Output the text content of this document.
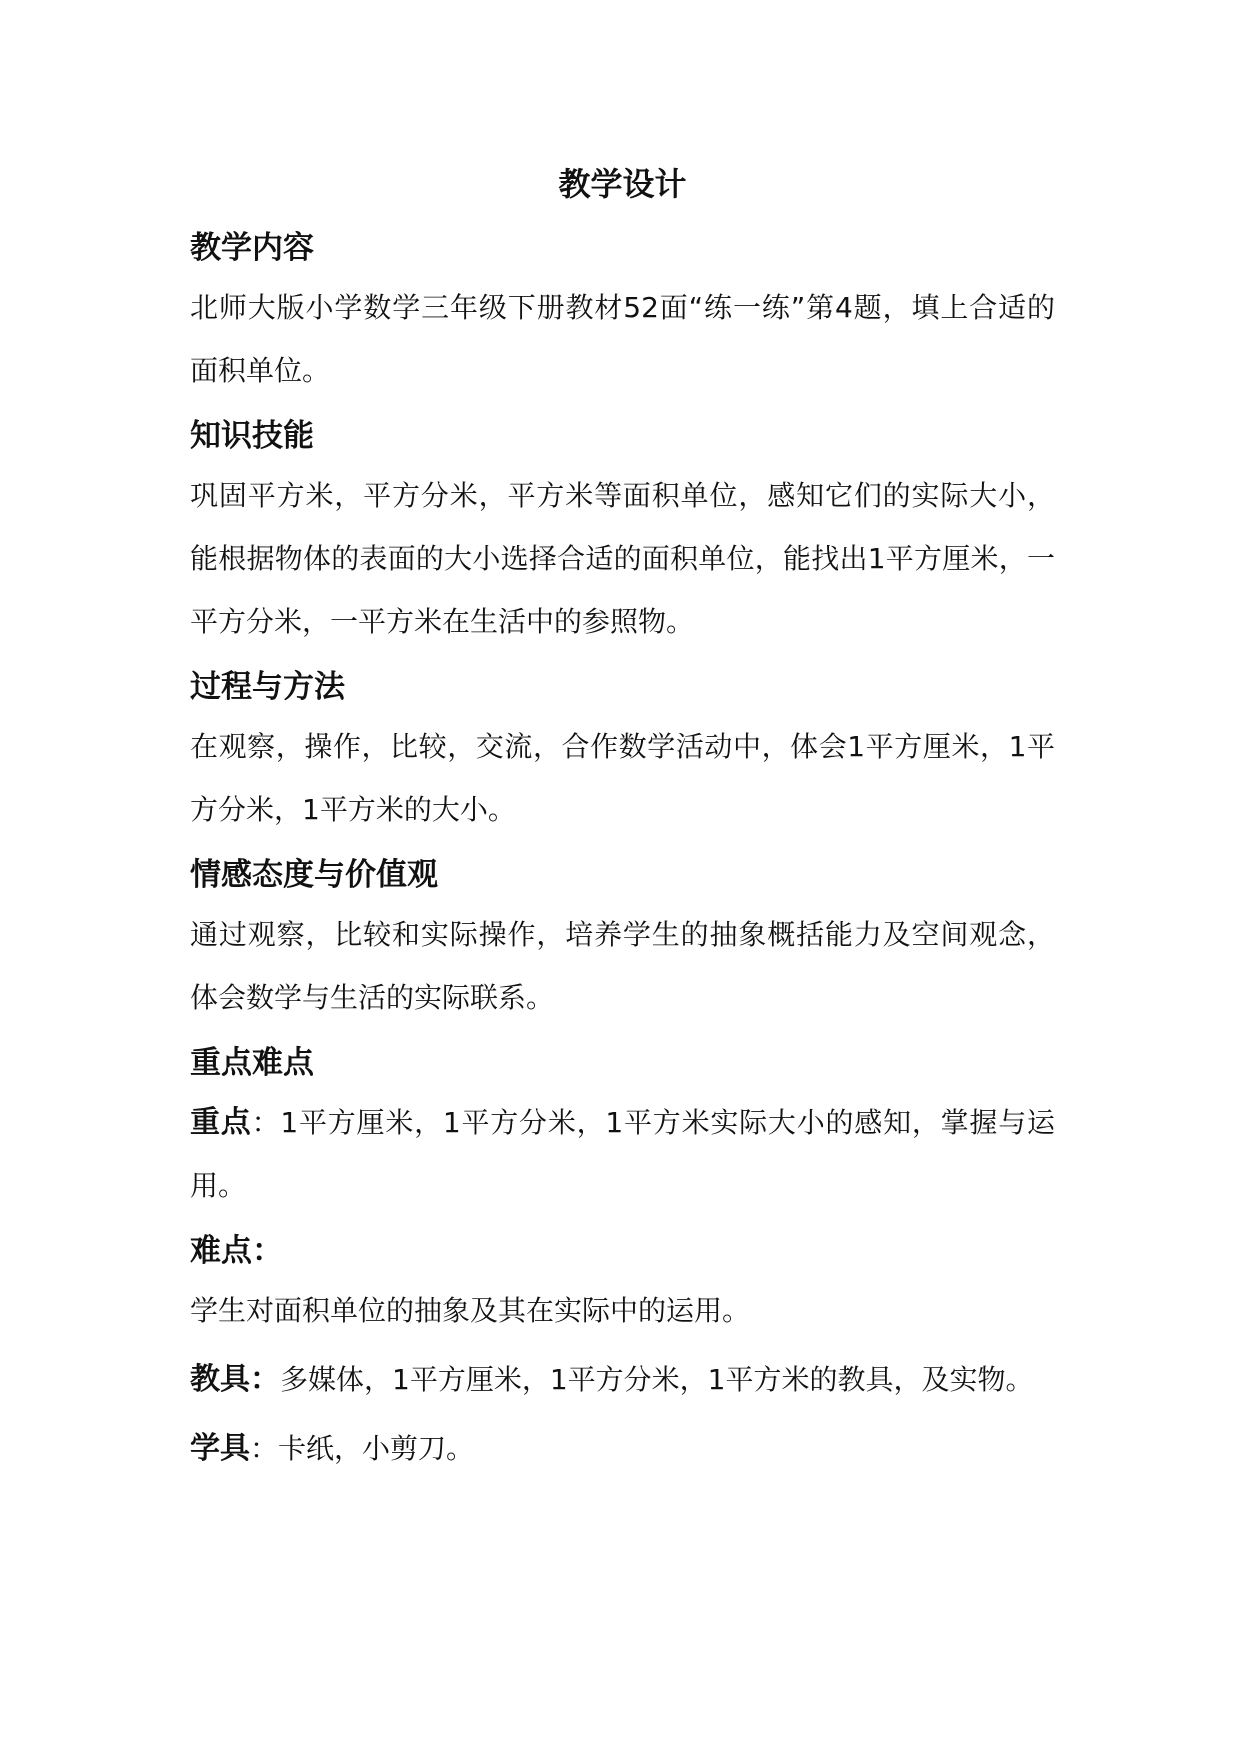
教学设计
教学内容

北师大版小学数学三年级下册教材52面“练一练”第4题，填上合适的面积单位。

知识技能

巩固平方米，平方分米，平方米等面积单位，感知它们的实际大小，能根据物体的表面的大小选择合适的面积单位，能找出1平方厘米，一平方分米，一平方米在生活中的参照物。

过程与方法

在观察，操作，比较，交流，合作数学活动中，体会1平方厘米，1平方分米，1平方米的大小。

情感态度与价值观

通过观察，比较和实际操作，培养学生的抽象概括能力及空间观念，体会数学与生活的实际联系。

重点难点

重点：1平方厘米，1平方分米，1平方米实际大小的感知，掌握与运用。

难点：

学生对面积单位的抽象及其在实际中的运用。

教具：多媒体，1平方厘米，1平方分米，1平方米的教具，及实物。

学具：卡纸，小剪刀。
